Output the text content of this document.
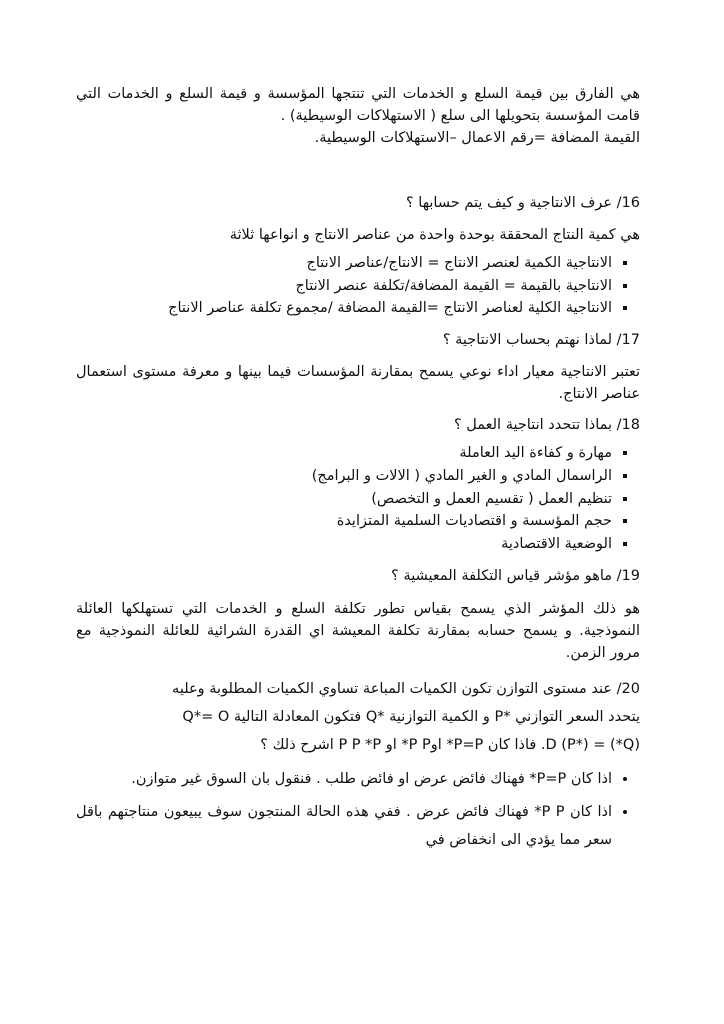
هي الفارق بين قيمة السلع و الخدمات التي تنتجها المؤسسة و قيمة السلع و الخدمات التي قامت المؤسسة بتحويلها الى سلع ( الاستهلاكات الوسيطية) .

القيمة المضافة =رقم الاعمال –الاستهلاكات الوسيطية.

16/ عرف الانتاجية و كيف يتم حسابها ؟

هي كمية النتاج المحققة بوحدة واحدة من عناصر الانتاج و انواعها ثلاثة

▪ الانتاجية الكمية لعنصر الانتاج = الانتاج/عناصر الانتاج
▪ الانتاجية بالقيمة = القيمة المضافة/تكلفة عنصر الانتاج
▪ الانتاجية الكلية لعناصر الانتاج =القيمة المضافة /مجموع تكلفة عناصر الانتاج

17/ لماذا نهتم بحساب الانتاجية ؟

تعتبر الانتاجية معيار اداء نوعي يسمح بمقارنة المؤسسات فيما بينها و معرفة مستوى استعمال عناصر الانتاج.

18/ بماذا تتحدد انتاجية العمل ؟

▪ مهارة و كفاءة اليد العاملة
▪ الراسمال المادي و الغير المادي ( الالات و البرامج)
▪ تنظيم العمل ( تقسيم العمل و التخصص)
▪ حجم المؤسسة و اقتصاديات السلمية المتزايدة
▪ الوضعية الاقتصادية

19/ ماهو مؤشر قياس التكلفة المعيشية ؟

هو ذلك المؤشر الذي يسمح بقياس تطور تكلفة السلع و الخدمات التي تستهلكها العائلة النموذجية. و يسمح حسابه بمقارنة تكلفة المعيشة اي القدرة الشرائية للعائلة النموذجية مع مرور الزمن.

20/ عند مستوى التوازن تكون الكميات المباعة تساوي الكميات المطلوبة وعليه

يتحدد السعر التوازني *P و الكمية التوازنية *Q فتكون المعادلة التالية Q*= O

(Q*) = D (P*). فاذا كان P=P* اوP P* او P P *P اشرح ذلك ؟

• اذا كان P=P* فهناك فائض عرض او فائض طلب . فنقول بان السوق غير متوازن.
• اذا كان P P* فهناك فائض عرض . ففي هذه الحالة المنتجون سوف يبيعون منتاجتهم باقل سعر مما يؤدي الى انخفاض في
